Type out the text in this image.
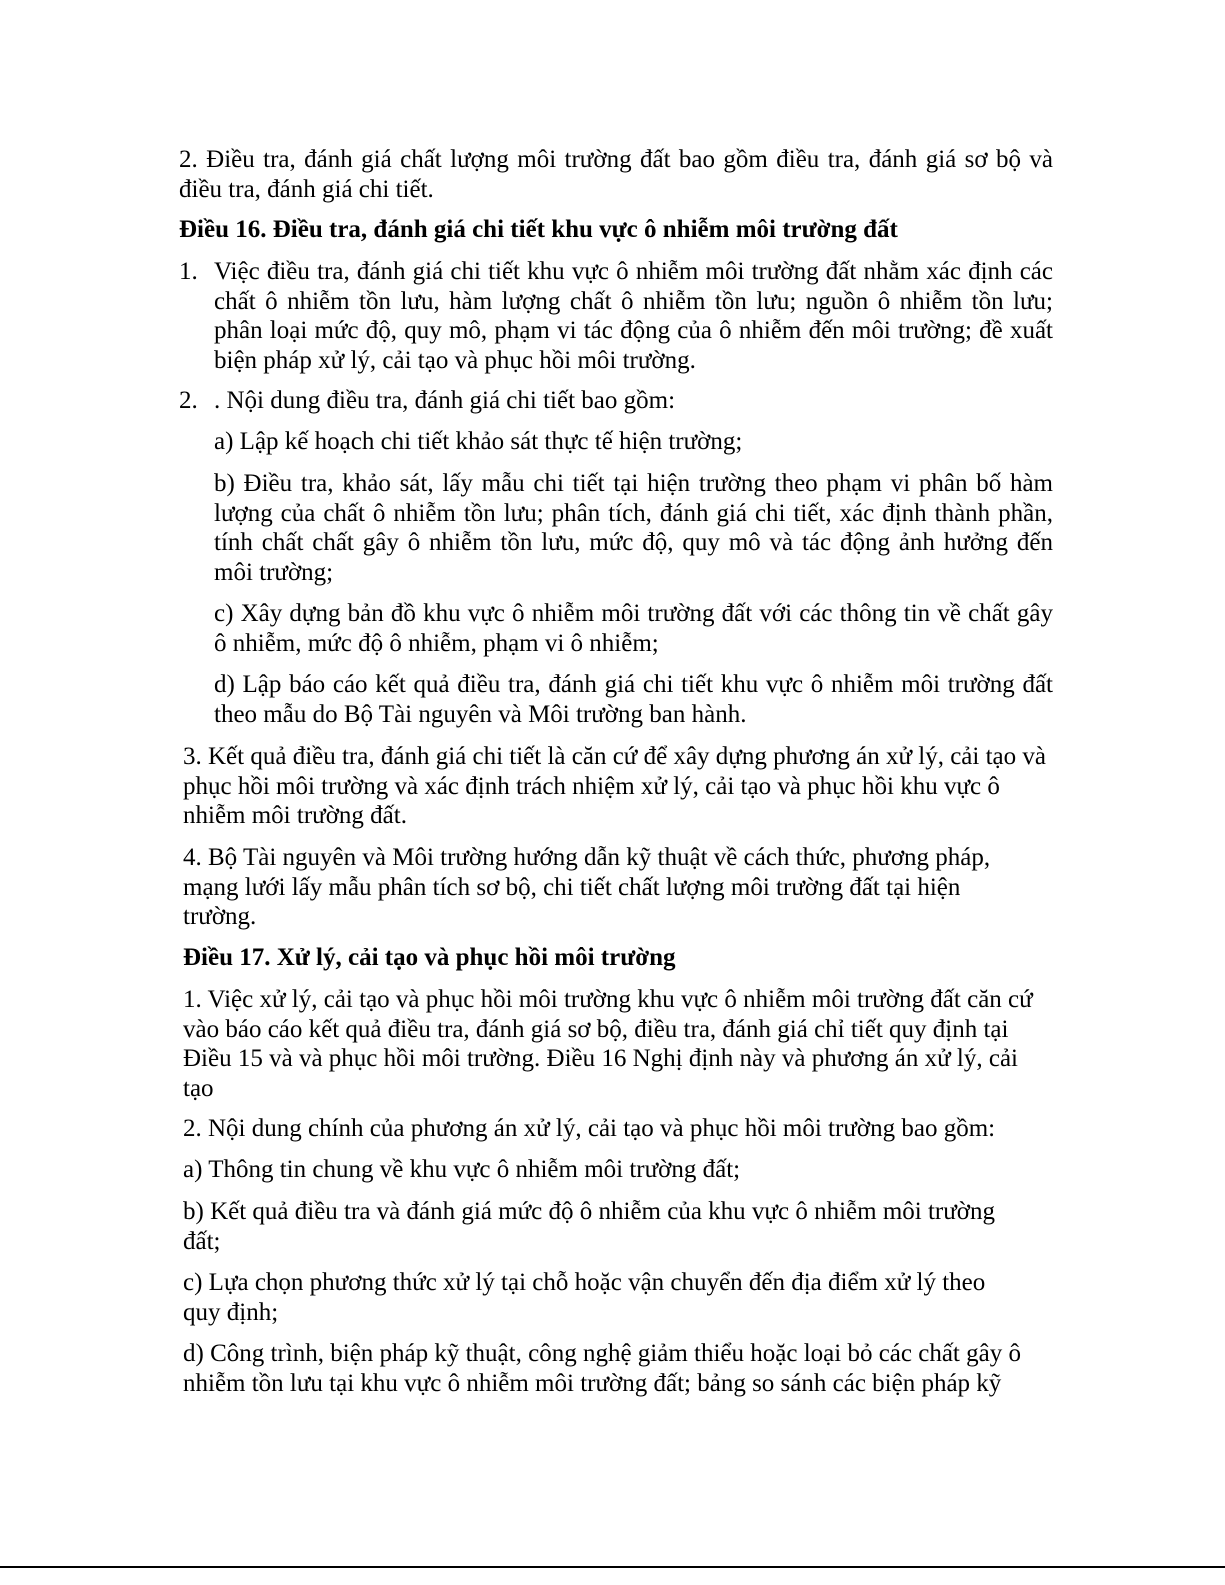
2. Điều tra, đánh giá chất lượng môi trường đất bao gồm điều tra, đánh giá sơ bộ và điều tra, đánh giá chi tiết.

Điều 16. Điều tra, đánh giá chi tiết khu vực ô nhiễm môi trường đất

1. Việc điều tra, đánh giá chi tiết khu vực ô nhiễm môi trường đất nhằm xác định các chất ô nhiễm tồn lưu, hàm lượng chất ô nhiễm tồn lưu; nguồn ô nhiễm tồn lưu; phân loại mức độ, quy mô, phạm vi tác động của ô nhiễm đến môi trường; đề xuất biện pháp xử lý, cải tạo và phục hồi môi trường.

2. . Nội dung điều tra, đánh giá chi tiết bao gồm:

a) Lập kế hoạch chi tiết khảo sát thực tế hiện trường;

b) Điều tra, khảo sát, lấy mẫu chi tiết tại hiện trường theo phạm vi phân bố hàm lượng của chất ô nhiễm tồn lưu; phân tích, đánh giá chi tiết, xác định thành phần, tính chất chất gây ô nhiễm tồn lưu, mức độ, quy mô và tác động ảnh hưởng đến môi trường;

c) Xây dựng bản đồ khu vực ô nhiễm môi trường đất với các thông tin về chất gây ô nhiễm, mức độ ô nhiễm, phạm vi ô nhiễm;

d) Lập báo cáo kết quả điều tra, đánh giá chi tiết khu vực ô nhiễm môi trường đất theo mẫu do Bộ Tài nguyên và Môi trường ban hành.

3. Kết quả điều tra, đánh giá chi tiết là căn cứ để xây dựng phương án xử lý, cải tạo và phục hồi môi trường và xác định trách nhiệm xử lý, cải tạo và phục hồi khu vực ô nhiễm môi trường đất.

4. Bộ Tài nguyên và Môi trường hướng dẫn kỹ thuật về cách thức, phương pháp, mạng lưới lấy mẫu phân tích sơ bộ, chi tiết chất lượng môi trường đất tại hiện trường.

Điều 17. Xử lý, cải tạo và phục hồi môi trường

1. Việc xử lý, cải tạo và phục hồi môi trường khu vực ô nhiễm môi trường đất căn cứ vào báo cáo kết quả điều tra, đánh giá sơ bộ, điều tra, đánh giá chỉ tiết quy định tại Điều 15 và và phục hồi môi trường. Điều 16 Nghị định này và phương án xử lý, cải tạo

2. Nội dung chính của phương án xử lý, cải tạo và phục hồi môi trường bao gồm:

a) Thông tin chung về khu vực ô nhiễm môi trường đất;

b) Kết quả điều tra và đánh giá mức độ ô nhiễm của khu vực ô nhiễm môi trường đất;

c) Lựa chọn phương thức xử lý tại chỗ hoặc vận chuyển đến địa điểm xử lý theo quy định;

d) Công trình, biện pháp kỹ thuật, công nghệ giảm thiểu hoặc loại bỏ các chất gây ô nhiễm tồn lưu tại khu vực ô nhiễm môi trường đất; bảng so sánh các biện pháp kỹ
